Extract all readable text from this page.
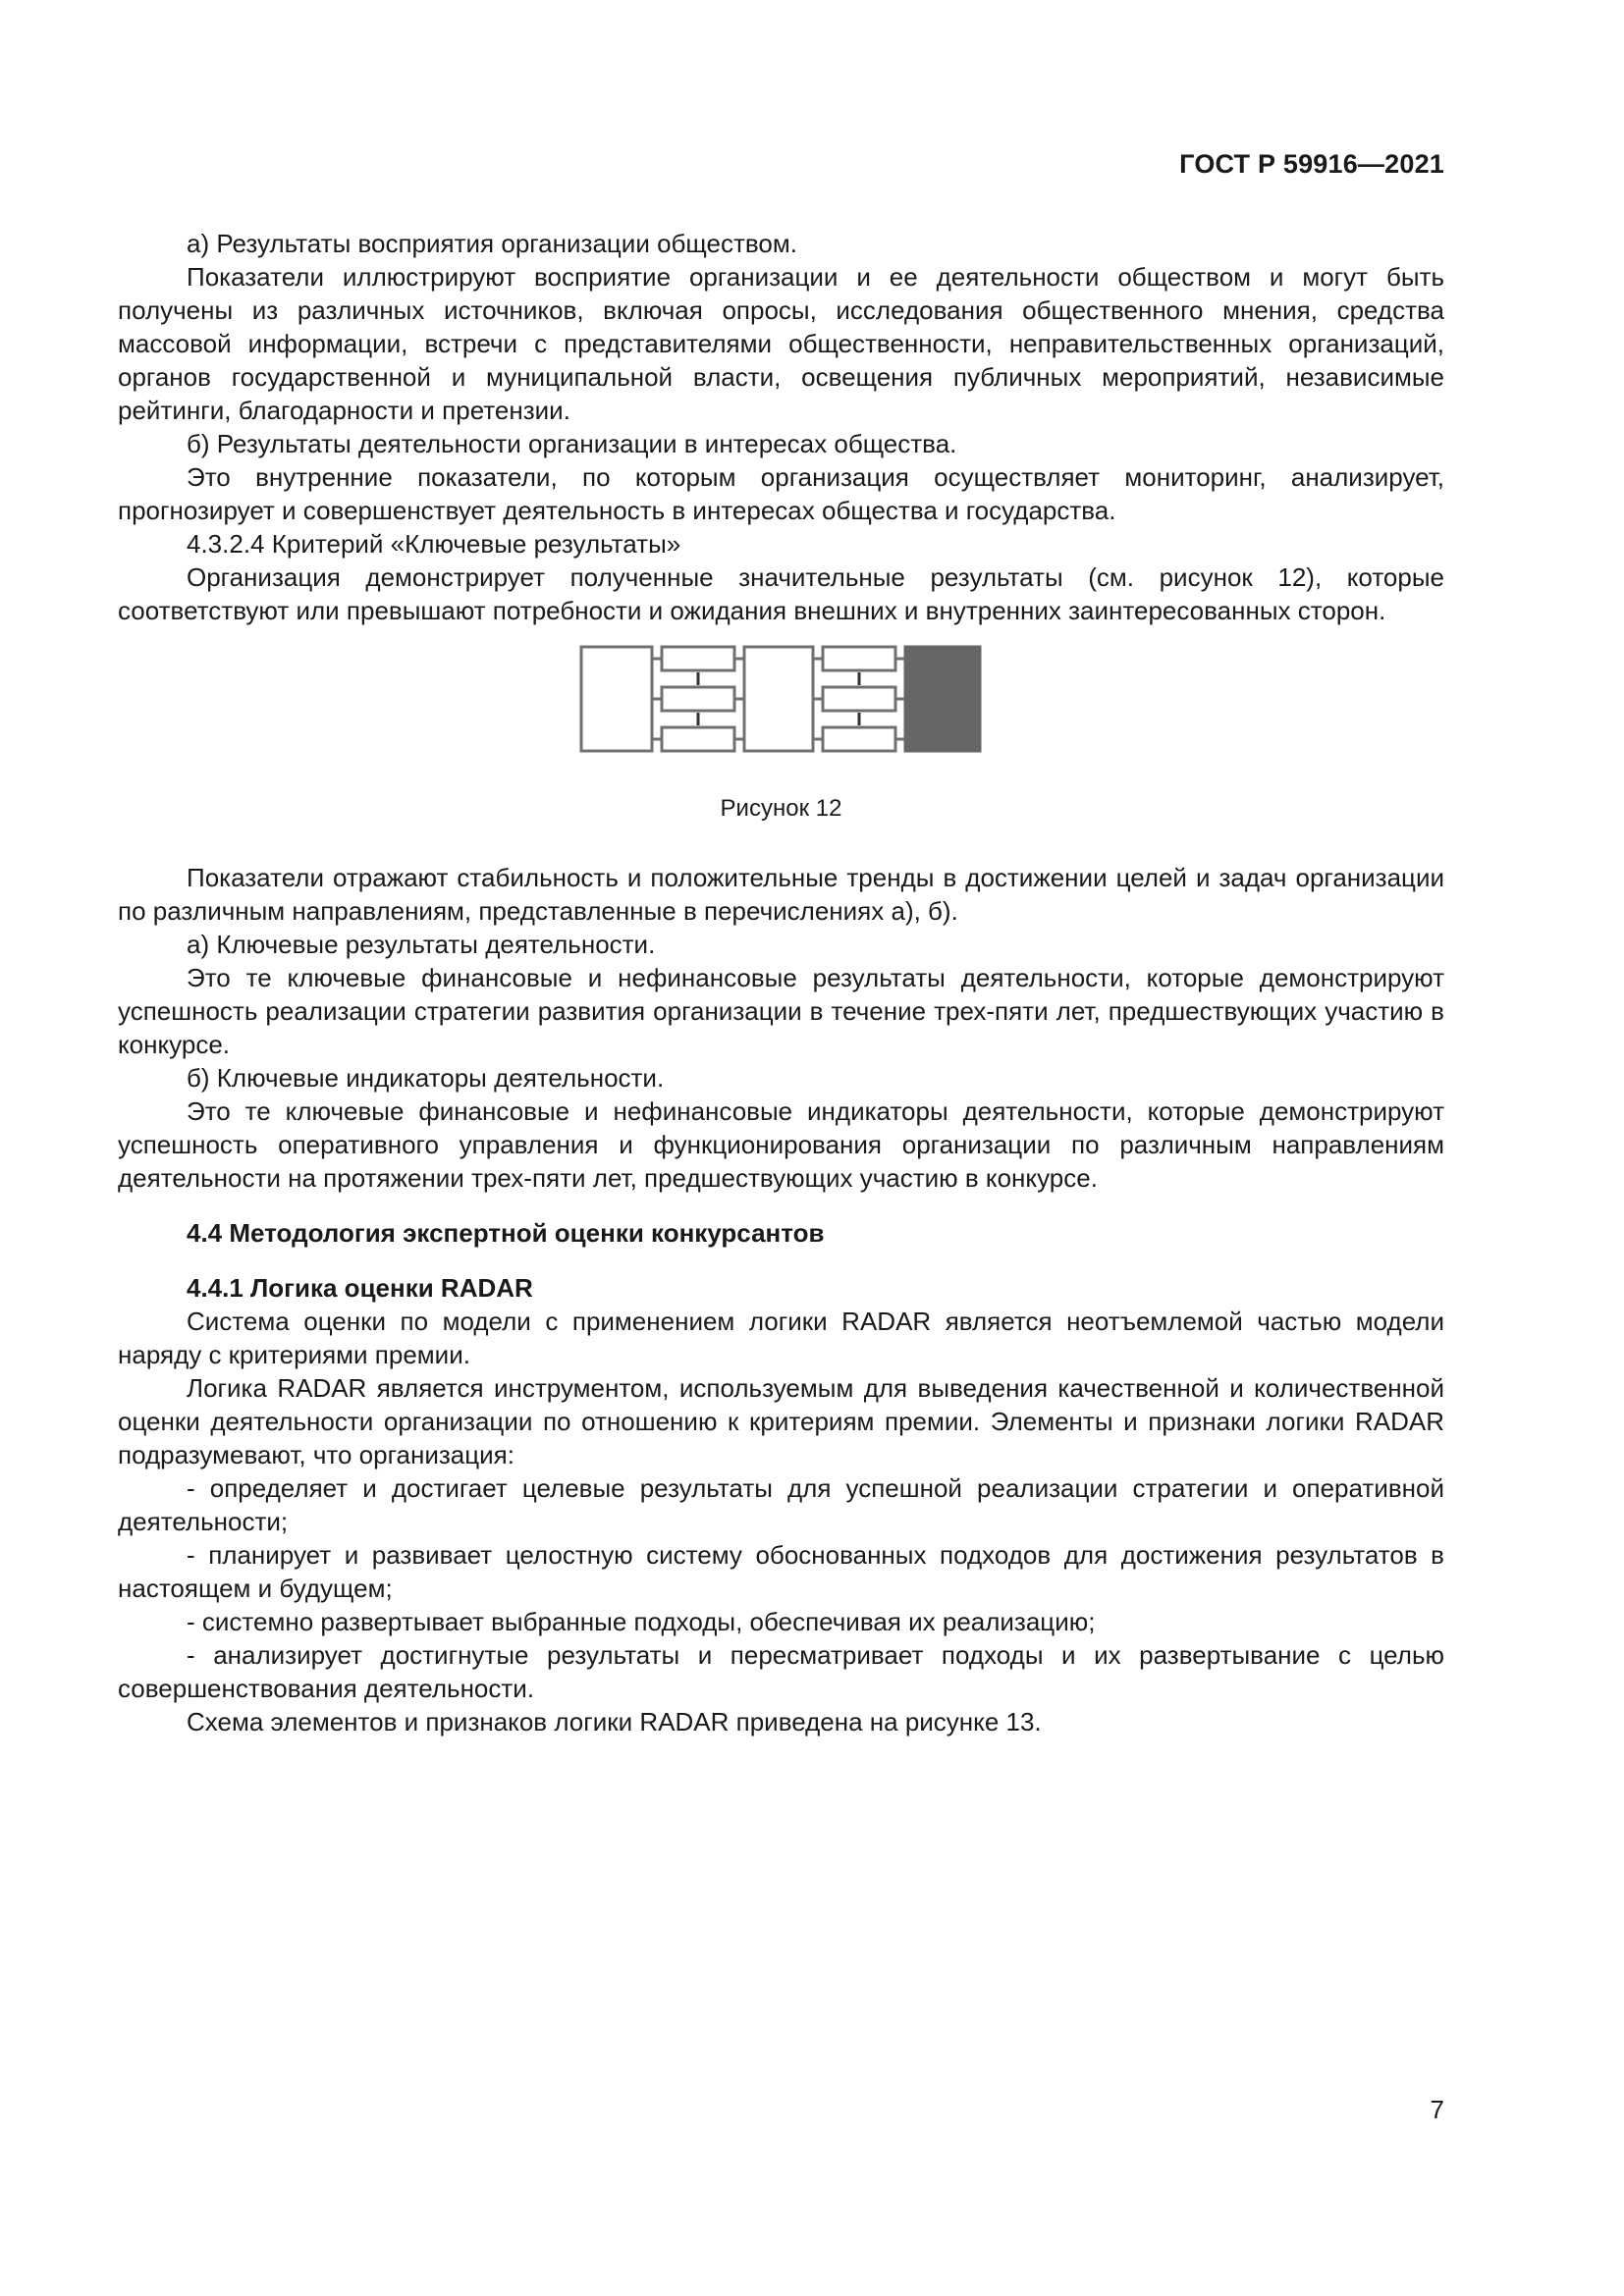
ГОСТ Р 59916—2021

а) Результаты восприятия организации обществом.

Показатели иллюстрируют восприятие организации и ее деятельности обществом и могут быть получены из различных источников, включая опросы, исследования общественного мнения, средства массовой информации, встречи с представителями общественности, неправительственных организаций, органов государственной и муниципальной власти, освещения публичных мероприятий, независимые рейтинги, благодарности и претензии.

б) Результаты деятельности организации в интересах общества.

Это внутренние показатели, по которым организация осуществляет мониторинг, анализирует, прогнозирует и совершенствует деятельность в интересах общества и государства.

4.3.2.4 Критерий «Ключевые результаты»

Организация демонстрирует полученные значительные результаты (см. рисунок 12), которые соответствуют или превышают потребности и ожидания внешних и внутренних заинтересованных сторон.

Рисунок 12

Показатели отражают стабильность и положительные тренды в достижении целей и задач организации по различным направлениям, представленные в перечислениях а), б).

а) Ключевые результаты деятельности.

Это те ключевые финансовые и нефинансовые результаты деятельности, которые демонстрируют успешность реализации стратегии развития организации в течение трех-пяти лет, предшествующих участию в конкурсе.

б) Ключевые индикаторы деятельности.

Это те ключевые финансовые и нефинансовые индикаторы деятельности, которые демонстрируют успешность оперативного управления и функционирования организации по различным направлениям деятельности на протяжении трех-пяти лет, предшествующих участию в конкурсе.

4.4 Методология экспертной оценки конкурсантов

4.4.1 Логика оценки RADAR

Система оценки по модели с применением логики RADAR является неотъемлемой частью модели наряду с критериями премии.

Логика RADAR является инструментом, используемым для выведения качественной и количественной оценки деятельности организации по отношению к критериям премии. Элементы и признаки логики RADAR подразумевают, что организация:

- определяет и достигает целевые результаты для успешной реализации стратегии и оперативной деятельности;

- планирует и развивает целостную систему обоснованных подходов для достижения результатов в настоящем и будущем;

- системно развертывает выбранные подходы, обеспечивая их реализацию;

- анализирует достигнутые результаты и пересматривает подходы и их развертывание с целью совершенствования деятельности.

Схема элементов и признаков логики RADAR приведена на рисунке 13.

7
